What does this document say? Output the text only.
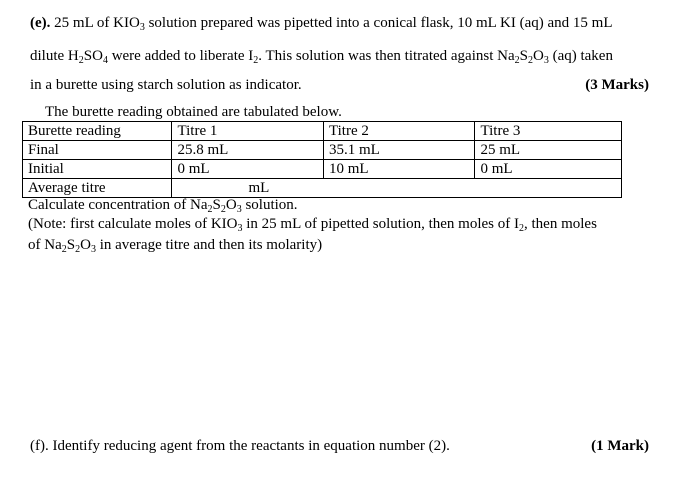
(e). 25 mL of $KIO_3$ solution prepared was pipetted into a conical flask, 10 mL KI (aq) and 15 mL
dilute $H_2SO_4$ were added to liberate $I_2$. This solution was then titrated against $Na_2S_2O_3$ (aq) taken
in a burette using starch solution as indicator.	(3 Marks)
The burette reading obtained are tabulated below.
Burette reading	Titre 1	Titre 2	Titre 3
Final	25.8 mL	35.1 mL	25 mL
Initial	0 mL	10 mL	0 mL
Average titre	mL		
Calculate concentration of $Na_2S_2O_3$ solution.
(Note: first calculate moles of $KIO_3$ in 25 mL of pipetted solution, then moles of $I_2$, then moles
of $Na_2S_2O_3$ in average titre and then its molarity)
(f). Identify reducing agent from the reactants in equation number (2).	(1 Mark)
